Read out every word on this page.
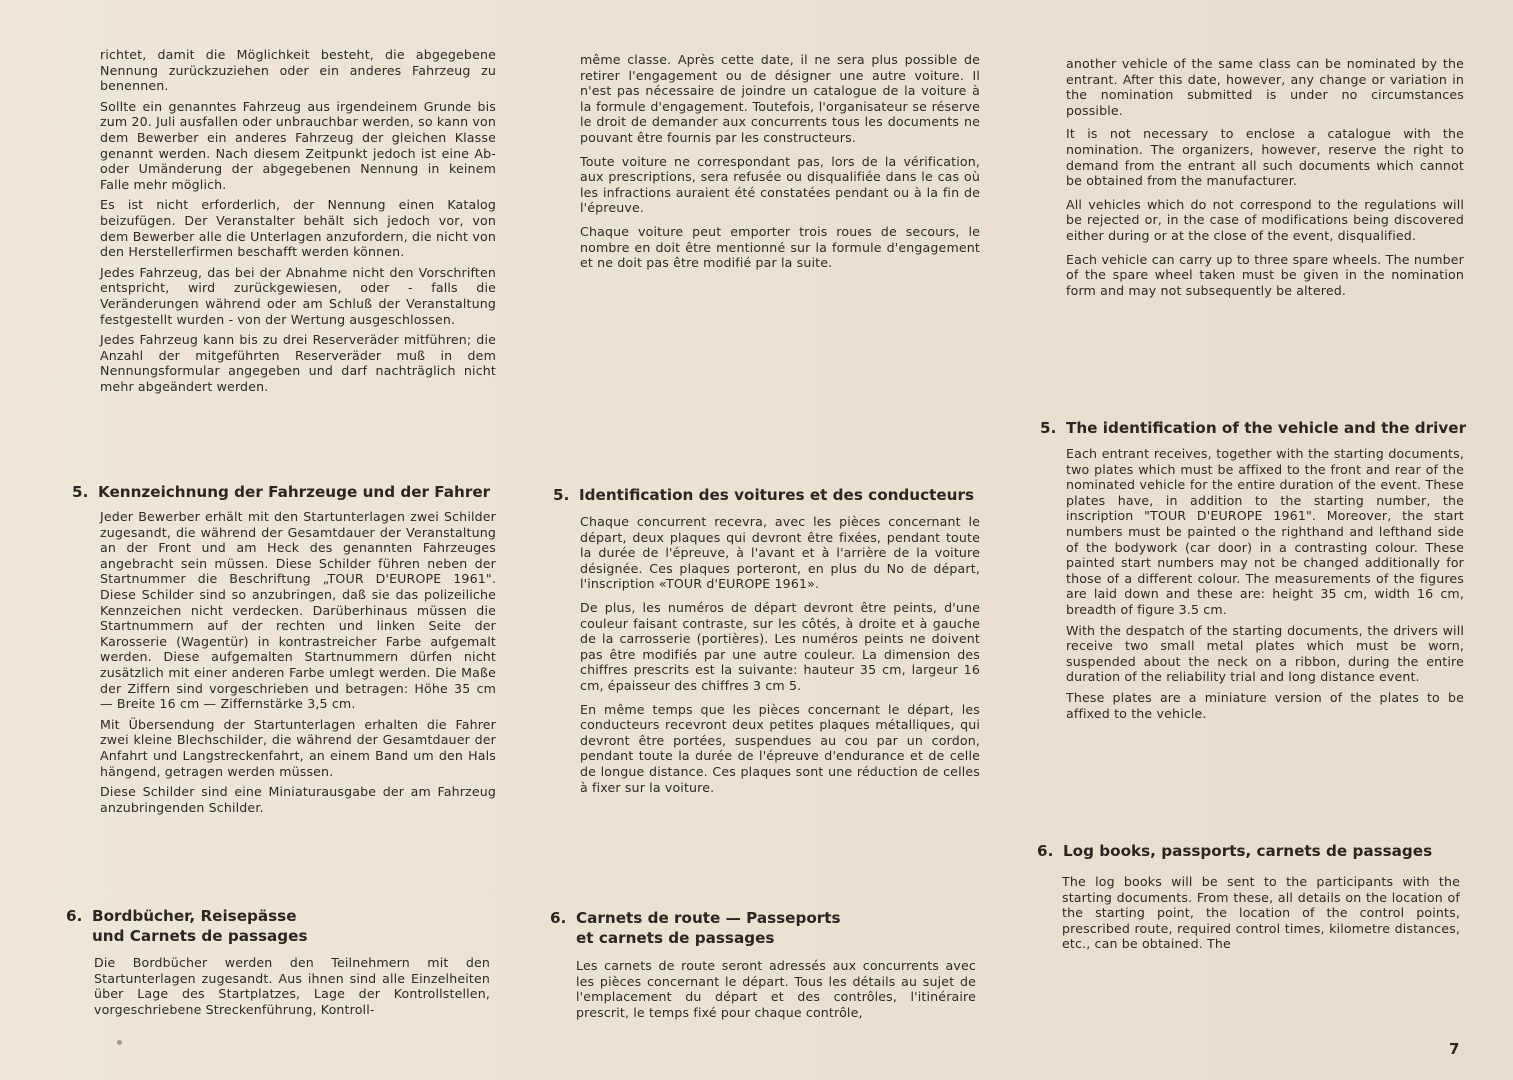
richtet, damit die Möglichkeit besteht, die abgegebene Nennung zurückzuziehen oder ein anderes Fahrzeug zu benennen.

Sollte ein genanntes Fahrzeug aus irgendeinem Grunde bis zum 20. Juli ausfallen oder unbrauchbar werden, so kann von dem Bewerber ein anderes Fahrzeug der gleichen Klasse genannt werden. Nach diesem Zeitpunkt jedoch ist eine Ab- oder Umänderung der abgegebenen Nennung in keinem Falle mehr möglich.

Es ist nicht erforderlich, der Nennung einen Katalog beizufügen. Der Veranstalter behält sich jedoch vor, von dem Bewerber alle die Unterlagen anzufordern, die nicht von den Herstellerfirmen beschafft werden können.

Jedes Fahrzeug, das bei der Abnahme nicht den Vorschriften entspricht, wird zurückgewiesen, oder - falls die Veränderungen während oder am Schluß der Veranstaltung festgestellt wurden - von der Wertung ausgeschlossen.

Jedes Fahrzeug kann bis zu drei Reserveräder mitführen; die Anzahl der mitgeführten Reserveräder muß in dem Nennungsformular angegeben und darf nachträglich nicht mehr abgeändert werden.

5. Kennzeichnung der Fahrzeuge und der Fahrer

Jeder Bewerber erhält mit den Startunterlagen zwei Schilder zugesandt, die während der Gesamtdauer der Veranstaltung an der Front und am Heck des genannten Fahrzeuges angebracht sein müssen. Diese Schilder führen neben der Startnummer die Beschriftung „TOUR D'EUROPE 1961". Diese Schilder sind so anzubringen, daß sie das polizeiliche Kennzeichen nicht verdecken. Darüberhinaus müssen die Startnummern auf der rechten und linken Seite der Karosserie (Wagentür) in kontrastreicher Farbe aufgemalt werden. Diese aufgemalten Startnummern dürfen nicht zusätzlich mit einer anderen Farbe umlegt werden. Die Maße der Ziffern sind vorgeschrieben und betragen: Höhe 35 cm — Breite 16 cm — Ziffernstärke 3,5 cm.

Mit Übersendung der Startunterlagen erhalten die Fahrer zwei kleine Blechschilder, die während der Gesamtdauer der Anfahrt und Langstreckenfahrt, an einem Band um den Hals hängend, getragen werden müssen.

Diese Schilder sind eine Miniaturausgabe der am Fahrzeug anzubringenden Schilder.

6. Bordbücher, Reisepässe
und Carnets de passages

Die Bordbücher werden den Teilnehmern mit den Startunterlagen zugesandt. Aus ihnen sind alle Einzelheiten über Lage des Startplatzes, Lage der Kontrollstellen, vorgeschriebene Streckenführung, Kontroll-

même classe. Après cette date, il ne sera plus possible de retirer l'engagement ou de désigner une autre voiture. Il n'est pas nécessaire de joindre un catalogue de la voiture à la formule d'engagement. Toutefois, l'organisateur se réserve le droit de demander aux concurrents tous les documents ne pouvant être fournis par les constructeurs.

Toute voiture ne correspondant pas, lors de la vérification, aux prescriptions, sera refusée ou disqualifiée dans le cas où les infractions auraient été constatées pendant ou à la fin de l'épreuve.

Chaque voiture peut emporter trois roues de secours, le nombre en doit être mentionné sur la formule d'engagement et ne doit pas être modifié par la suite.

5. Identification des voitures et des conducteurs

Chaque concurrent recevra, avec les pièces concernant le départ, deux plaques qui devront être fixées, pendant toute la durée de l'épreuve, à l'avant et à l'arrière de la voiture désignée. Ces plaques porteront, en plus du No de départ, l'inscription «TOUR d'EUROPE 1961».

De plus, les numéros de départ devront être peints, d'une couleur faisant contraste, sur les côtés, à droite et à gauche de la carrosserie (portières). Les numéros peints ne doivent pas être modifiés par une autre couleur. La dimension des chiffres prescrits est la suivante: hauteur 35 cm, largeur 16 cm, épaisseur des chiffres 3 cm 5.

En même temps que les pièces concernant le départ, les conducteurs recevront deux petites plaques métalliques, qui devront être portées, suspendues au cou par un cordon, pendant toute la durée de l'épreuve d'endurance et de celle de longue distance. Ces plaques sont une réduction de celles à fixer sur la voiture.

6. Carnets de route — Passeports
et carnets de passages

Les carnets de route seront adressés aux concurrents avec les pièces concernant le départ. Tous les détails au sujet de l'emplacement du départ et des contrôles, l'itinéraire prescrit, le temps fixé pour chaque contrôle,

another vehicle of the same class can be nominated by the entrant. After this date, however, any change or variation in the nomination submitted is under no circumstances possible.

It is not necessary to enclose a catalogue with the nomination. The organizers, however, reserve the right to demand from the entrant all such documents which cannot be obtained from the manufacturer.

All vehicles which do not correspond to the regulations will be rejected or, in the case of modifications being discovered either during or at the close of the event, disqualified.

Each vehicle can carry up to three spare wheels. The number of the spare wheel taken must be given in the nomination form and may not subsequently be altered.

5. The identification of the vehicle and the driver

Each entrant receives, together with the starting documents, two plates which must be affixed to the front and rear of the nominated vehicle for the entire duration of the event. These plates have, in addition to the starting number, the inscription "TOUR D'EUROPE 1961". Moreover, the start numbers must be painted o the righthand and lefthand side of the bodywork (car door) in a contrasting colour. These painted start numbers may not be changed additionally for those of a different colour. The measurements of the figures are laid down and these are: height 35 cm, width 16 cm, breadth of figure 3.5 cm.

With the despatch of the starting documents, the drivers will receive two small metal plates which must be worn, suspended about the neck on a ribbon, during the entire duration of the reliability trial and long distance event.

These plates are a miniature version of the plates to be affixed to the vehicle.

6. Log books, passports, carnets de passages

The log books will be sent to the participants with the starting documents. From these, all details on the location of the starting point, the location of the control points, prescribed route, required control times, kilometre distances, etc., can be obtained. The

7
